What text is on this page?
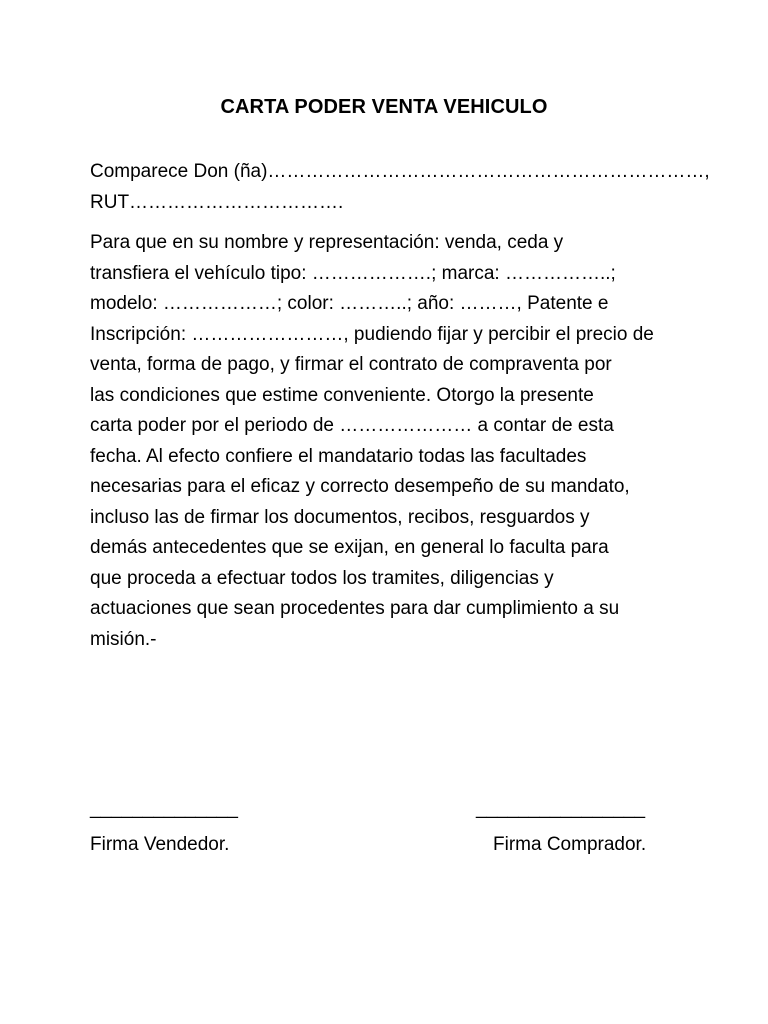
CARTA PODER VENTA VEHICULO

Comparece Don (ña)……………………………………………………………,
RUT…………………………….

Para que en su nombre y representación: venda, ceda y
transfiera el vehículo tipo: ……………….; marca: ……………..;
modelo: ………………; color: ………..; año: ………, Patente e
Inscripción: ……………………, pudiendo fijar y percibir el precio de
venta, forma de pago, y firmar el contrato de compraventa por
las condiciones que estime conveniente. Otorgo la presente
carta poder por el periodo de ………………… a contar de esta
fecha. Al efecto confiere el mandatario todas las facultades
necesarias para el eficaz y correcto desempeño de su mandato,
incluso las de firmar los documentos, recibos, resguardos y
demás antecedentes que se exijan, en general lo faculta para
que proceda a efectuar todos los tramites, diligencias y
actuaciones que sean procedentes para dar cumplimiento a su
misión.-

______________	________________
Firma Vendedor.	Firma Comprador.
